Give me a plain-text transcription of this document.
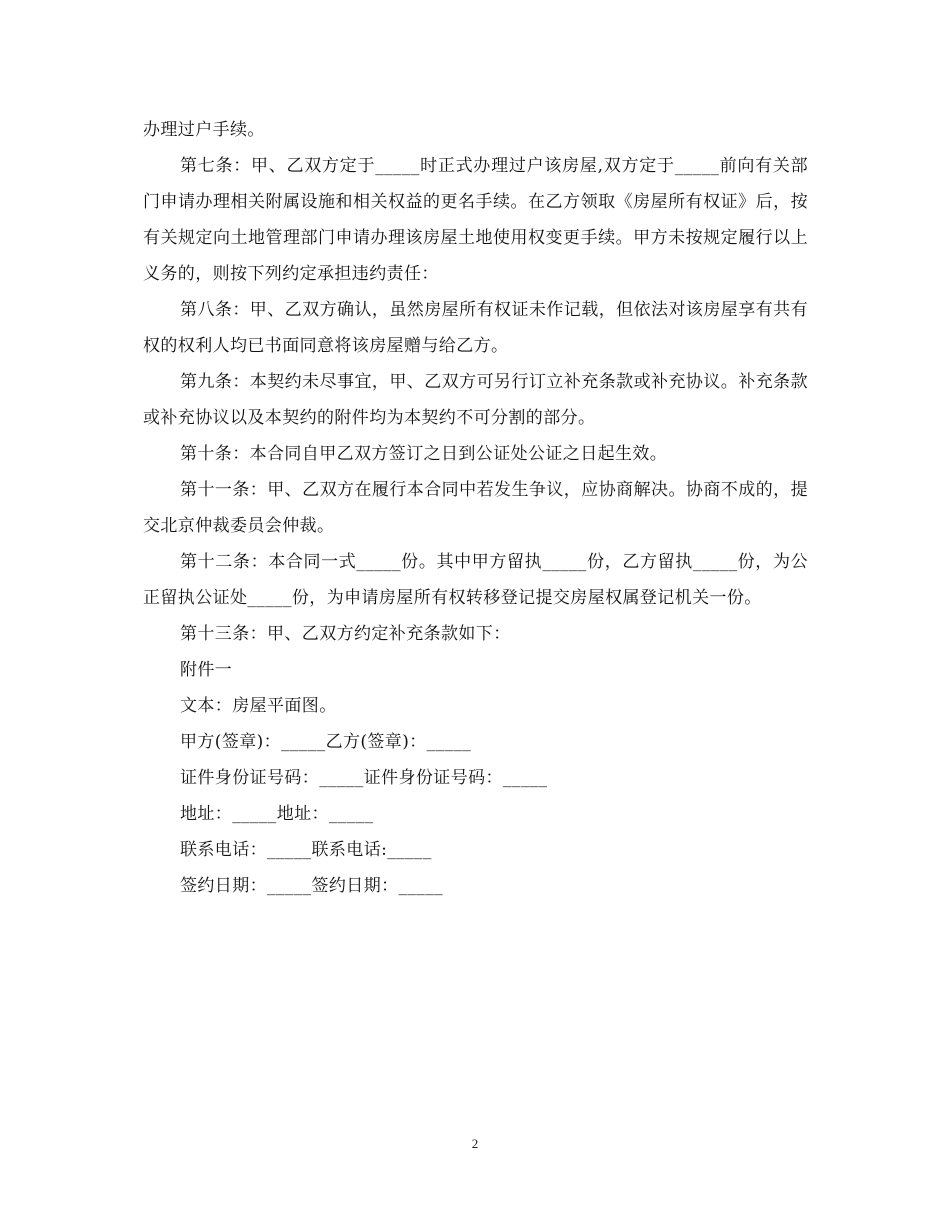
办理过户手续。

第七条：甲、乙双方定于_____时正式办理过户该房屋,双方定于_____前向有关部门申请办理相关附属设施和相关权益的更名手续。在乙方领取《房屋所有权证》后，按有关规定向土地管理部门申请办理该房屋土地使用权变更手续。甲方未按规定履行以上义务的，则按下列约定承担违约责任：

第八条：甲、乙双方确认，虽然房屋所有权证未作记载，但依法对该房屋享有共有权的权利人均已书面同意将该房屋赠与给乙方。

第九条：本契约未尽事宜，甲、乙双方可另行订立补充条款或补充协议。补充条款或补充协议以及本契约的附件均为本契约不可分割的部分。

第十条：本合同自甲乙双方签订之日到公证处公证之日起生效。

第十一条：甲、乙双方在履行本合同中若发生争议，应协商解决。协商不成的，提交北京仲裁委员会仲裁。

第十二条：本合同一式_____份。其中甲方留执_____份，乙方留执_____份，为公正留执公证处_____份，为申请房屋所有权转移登记提交房屋权属登记机关一份。

第十三条：甲、乙双方约定补充条款如下：

附件一

文本：房屋平面图。

甲方(签章)：_____乙方(签章)：_____

证件身份证号码：_____证件身份证号码：_____

地址：_____地址：_____

联系电话：_____联系电话:_____

签约日期：_____签约日期：_____

2
